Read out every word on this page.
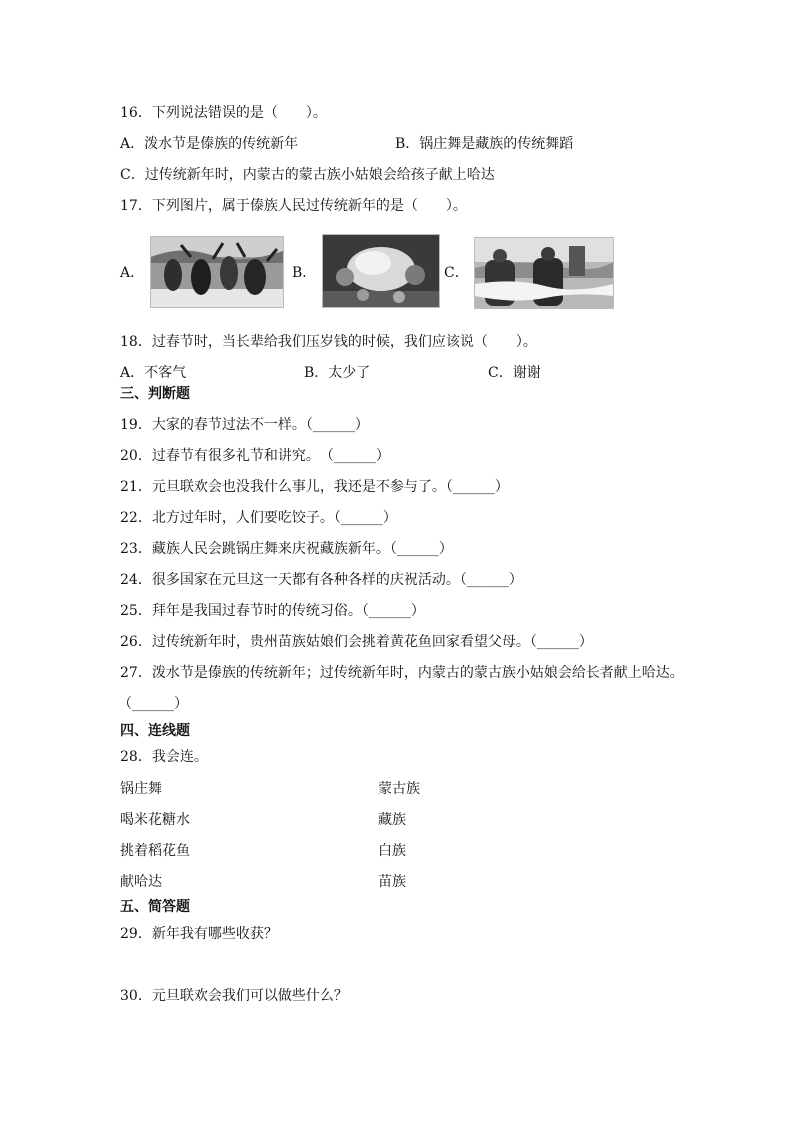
16．下列说法错误的是（　　）。
A．泼水节是傣族的传统新年	B．锅庄舞是藏族的传统舞蹈
C．过传统新年时，内蒙古的蒙古族小姑娘会给孩子献上哈达
17．下列图片，属于傣族人民过传统新年的是（　　）。
A．	B．	C．
18．过春节时，当长辈给我们压岁钱的时候，我们应该说（　　）。
A．不客气	B．太少了	C．谢谢
三、判断题
19．大家的春节过法不一样。（______）
20．过春节有很多礼节和讲究。　（______）
21．元旦联欢会也没我什么事儿，我还是不参与了。（______）
22．北方过年时，人们要吃饺子。（______）
23．藏族人民会跳锅庄舞来庆祝藏族新年。（______）
24．很多国家在元旦这一天都有各种各样的庆祝活动。（______）
25．拜年是我国过春节时的传统习俗。（______）
26．过传统新年时，贵州苗族姑娘们会挑着黄花鱼回家看望父母。（______）
27．泼水节是傣族的传统新年；过传统新年时，内蒙古的蒙古族小姑娘会给长者献上哈达。
（______）
四、连线题
28．我会连。
锅庄舞	蒙古族
喝米花糖水	藏族
挑着稻花鱼	白族
献哈达	苗族
五、简答题
29．新年我有哪些收获？
30．元旦联欢会我们可以做些什么？
